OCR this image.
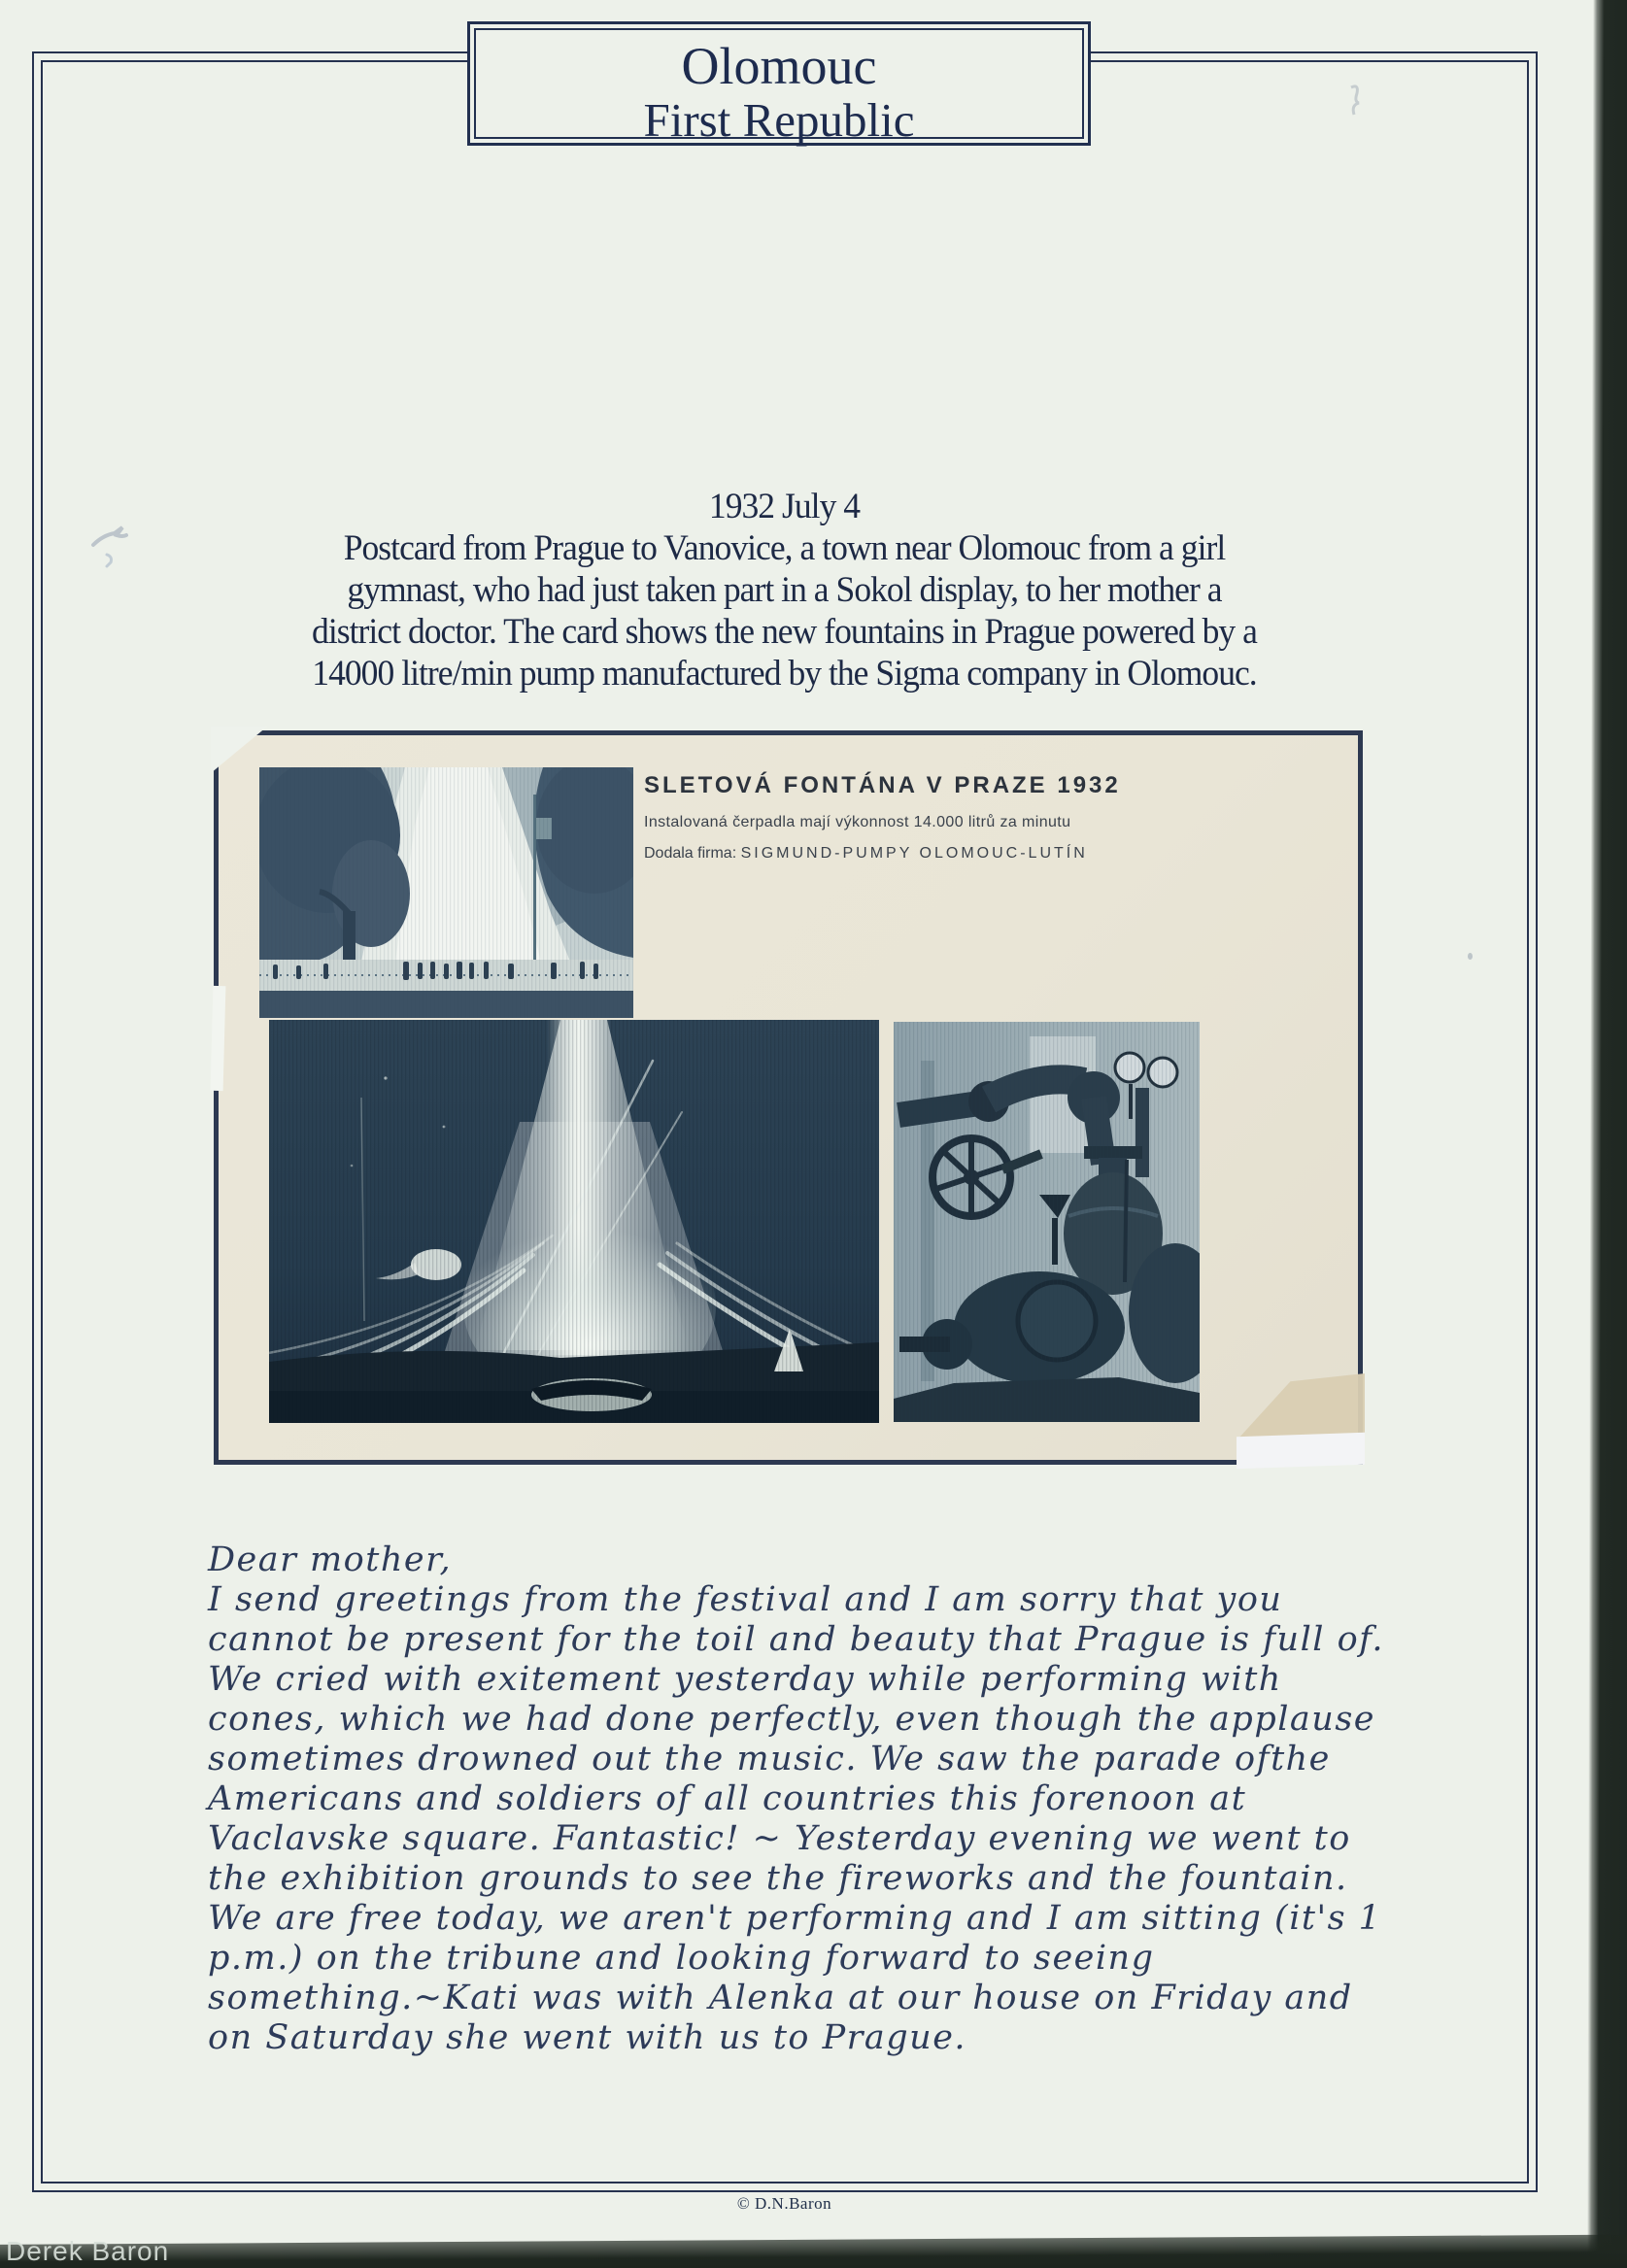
Olomouc
First Republic
1932 July 4
Postcard from Prague to Vanovice, a town near Olomouc from a girl
gymnast, who had just taken part in a Sokol display, to her mother a
district doctor. The card shows the new fountains in Prague powered by a
14000 litre/min pump manufactured by the Sigma company in Olomouc.
SLETOVÁ FONTÁNA V PRAZE 1932
Instalovaná čerpadla mají výkonnost 14.000 litrů za minutu
Dodala firma: SIGMUND-PUMPY OLOMOUC-LUTÍN
Dear mother,
I send greetings from the festival and I am sorry that you
cannot be present for the toil and beauty that Prague is full of.
We cried with exitement yesterday while performing with
cones, which we had done perfectly, even though the applause
sometimes drowned out the music. We saw the parade ofthe
Americans and soldiers of all countries this forenoon at
Vaclavske square. Fantastic! ~ Yesterday evening we went to
the exhibition grounds to see the fireworks and the fountain.
We are free today, we aren't performing and I am sitting (it's 1
p.m.) on the tribune and looking forward to seeing
something.~Kati was with Alenka at our house on Friday and
on Saturday she went with us to Prague.
© D.N.Baron
Derek Baron
